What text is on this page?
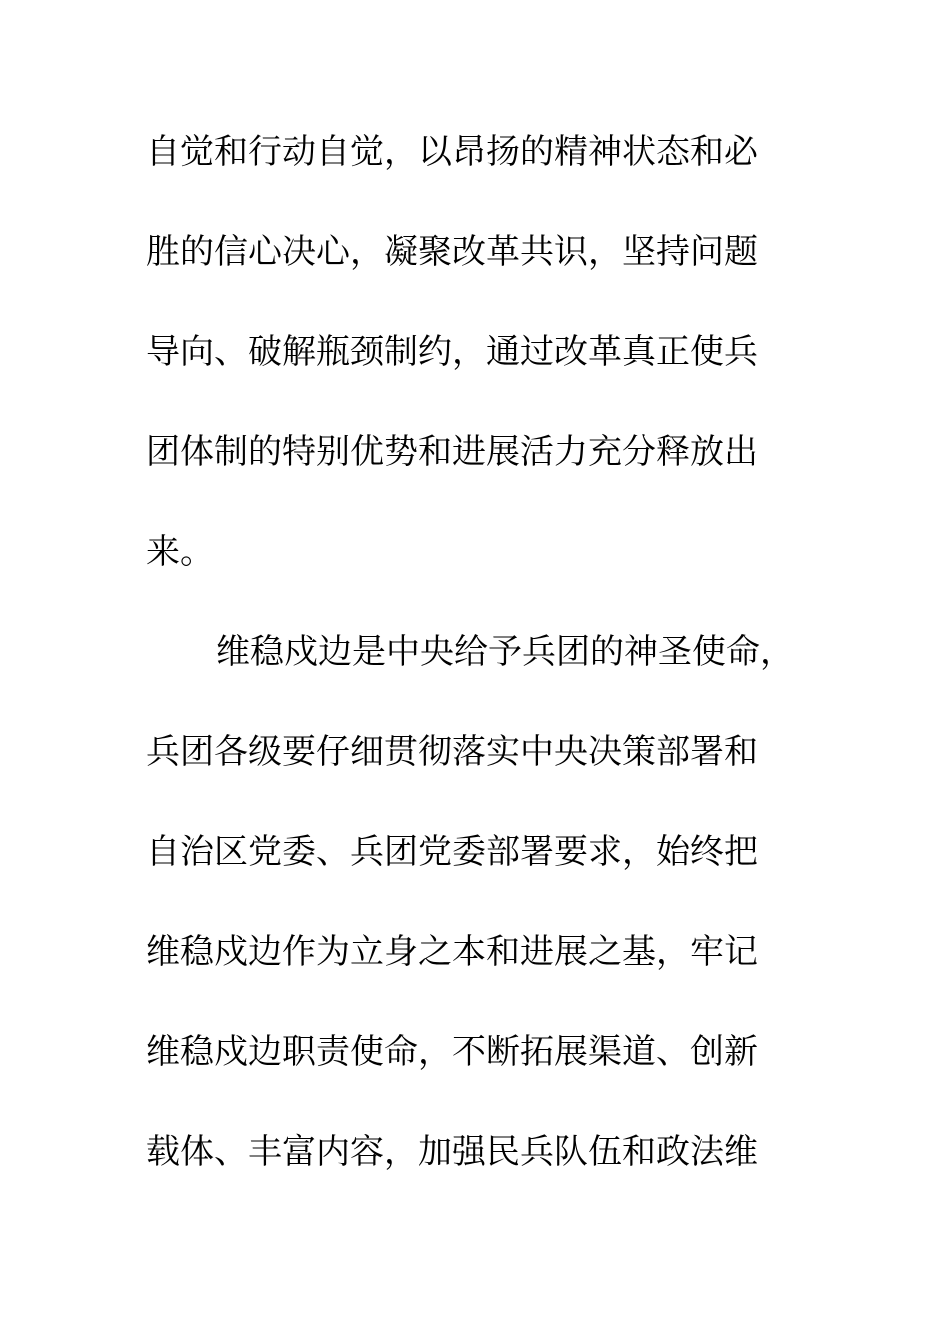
自觉和行动自觉，以昂扬的精神状态和必
胜的信心决心，凝聚改革共识，坚持问题
导向、破解瓶颈制约，通过改革真正使兵
团体制的特别优势和进展活力充分释放出
来。
维稳戍边是中央给予兵团的神圣使命，
兵团各级要仔细贯彻落实中央决策部署和
自治区党委、兵团党委部署要求，始终把
维稳戍边作为立身之本和进展之基，牢记
维稳戍边职责使命，不断拓展渠道、创新
载体、丰富内容，加强民兵队伍和政法维
